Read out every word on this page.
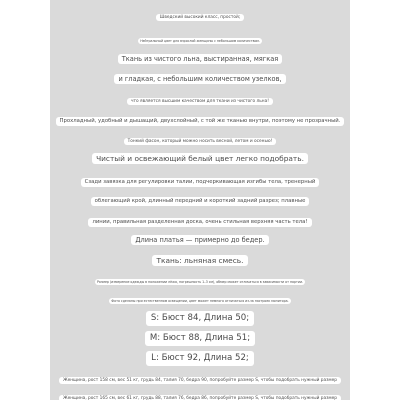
Шведский высокий класс, простой;
Нейтральный цвет для взрослой женщины с небольшим количеством.
Ткань из чистого льна, выстиранная, мягкая
и гладкая, с небольшим количеством узелков,
что является высшим качеством для ткани из чистого льна!
Прохладный, удобный и дышащий, двухслойный, с той же тканью внутри, поэтому не прозрачный.
Тонкий фасон, который можно носить весной, летом и осенью!
Чистый и освежающий белый цвет легко подобрать.
Сзади завязка для регулировки талии, подчеркивающая изгибы тела, тренерный
облегающий крой, длинный передний и короткий задний разрез; плавные
линии, правильная разделенная доска, очень стильная верхняя часть тела!
Длина платья — примерно до бедер.
Ткань: льняная смесь.
Размер (измерение одежды в положении лёжа, погрешность 1–3 см), обмер может отличаться в зависимости от партии.
Фото сделаны при естественном освещении, цвет может немного отличаться из-за настроек монитора.
S: Бюст 84, Длина 50;
M: Бюст 88, Длина 51;
L: Бюст 92, Длина 52;
Женщина, рост 158 см, вес 51 кг, грудь 84, талия 70, бедра 90, попробуйте размер S, чтобы подобрать нужный размер
Женщина, рост 165 см, вес 61 кг, грудь 88, талия 76, бедра 86, попробуйте размер S, чтобы подобрать нужный размер
